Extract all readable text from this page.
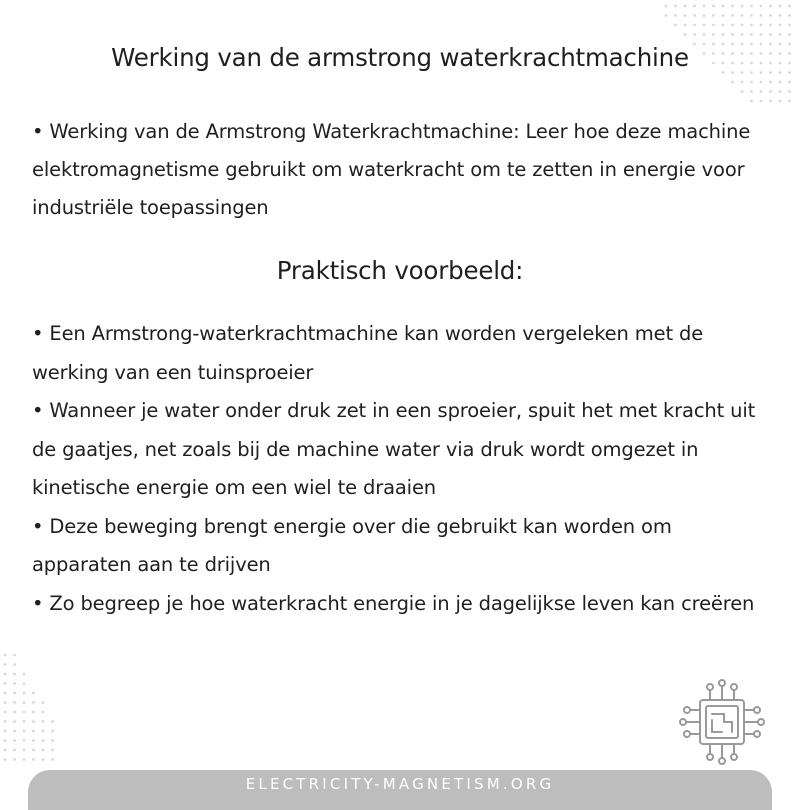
Werking van de armstrong waterkrachtmachine

• Werking van de Armstrong Waterkrachtmachine: Leer hoe deze machine elektromagnetisme gebruikt om waterkracht om te zetten in energie voor industriële toepassingen

Praktisch voorbeeld:
• Een Armstrong-waterkrachtmachine kan worden vergeleken met de werking van een tuinsproeier
• Wanneer je water onder druk zet in een sproeier, spuit het met kracht uit de gaatjes, net zoals bij de machine water via druk wordt omgezet in kinetische energie om een wiel te draaien
• Deze beweging brengt energie over die gebruikt kan worden om apparaten aan te drijven
• Zo begreep je hoe waterkracht energie in je dagelijkse leven kan creëren
ELECTRICITY-MAGNETISM.ORG
